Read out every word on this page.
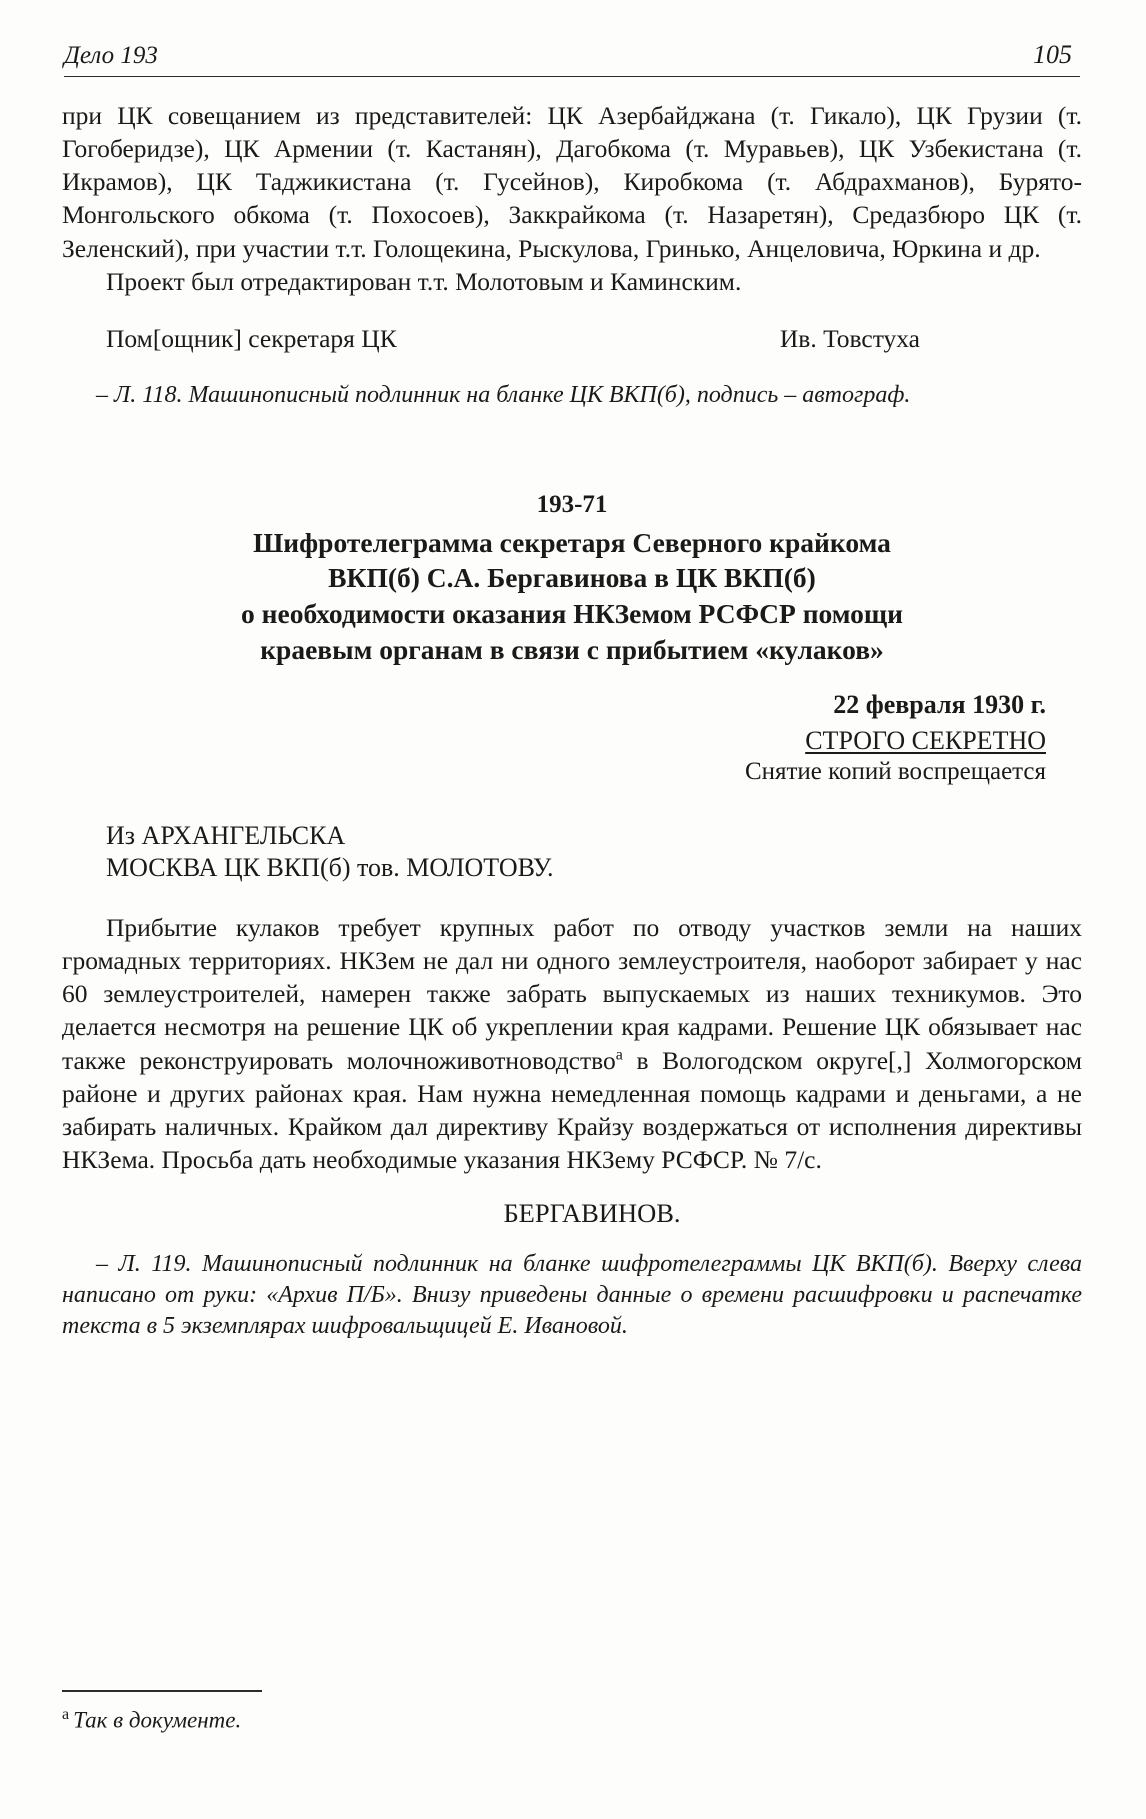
Дело 193	105

при ЦК совещанием из представителей: ЦК Азербайджана (т. Гикало), ЦК Грузии (т. Гогоберидзе), ЦК Армении (т. Кастанян), Дагобкома (т. Муравьев), ЦК Узбекистана (т. Икрамов), ЦК Таджикистана (т. Гусейнов), Киробкома (т. Абдрахманов), Бурято-Монгольского обкома (т. Похосоев), Заккрайкома (т. Назаретян), Средазбюро ЦК (т. Зеленский), при участии т.т. Голощекина, Рыскулова, Гринько, Анцеловича, Юркина и др.

Проект был отредактирован т.т. Молотовым и Каминским.

Пом[ощник] секретаря ЦК	Ив. Товстуха

– Л. 118. Машинописный подлинник на бланке ЦК ВКП(б), подпись – автограф.

193-71
Шифротелеграмма секретаря Северного крайкома
ВКП(б) С.А. Бергавинова в ЦК ВКП(б)
о необходимости оказания НКЗемом РСФСР помощи
краевым органам в связи с прибытием «кулаков»
22 февраля 1930 г.
СТРОГО СЕКРЕТНО
Снятие копий воспрещается
Из АРХАНГЕЛЬСКА
МОСКВА ЦК ВКП(б) тов. МОЛОТОВУ.

Прибытие кулаков требует крупных работ по отводу участков земли на наших громадных территориях. НКЗем не дал ни одного землеустроителя, наоборот забирает у нас 60 землеустроителей, намерен также забрать выпускаемых из наших техникумов. Это делается несмотря на решение ЦК об укреплении края кадрами. Решение ЦК обязывает нас также реконструировать молочноживотноводство$^а$ в Вологодском округе[,] Холмогорском районе и других районах края. Нам нужна немедленная помощь кадрами и деньгами, а не забирать наличных. Крайком дал директиву Крайзу воздержаться от исполнения директивы НКЗема. Просьба дать необходимые указания НКЗему РСФСР. № 7/с.

БЕРГАВИНОВ.

– Л. 119. Машинописный подлинник на бланке шифротелеграммы ЦК ВКП(б). Вверху слева написано от руки: «Архив П/Б». Внизу приведены данные о времени расшифровки и распечатке текста в 5 экземплярах шифровальщицей Е. Ивановой.

$^а$ Так в документе.
